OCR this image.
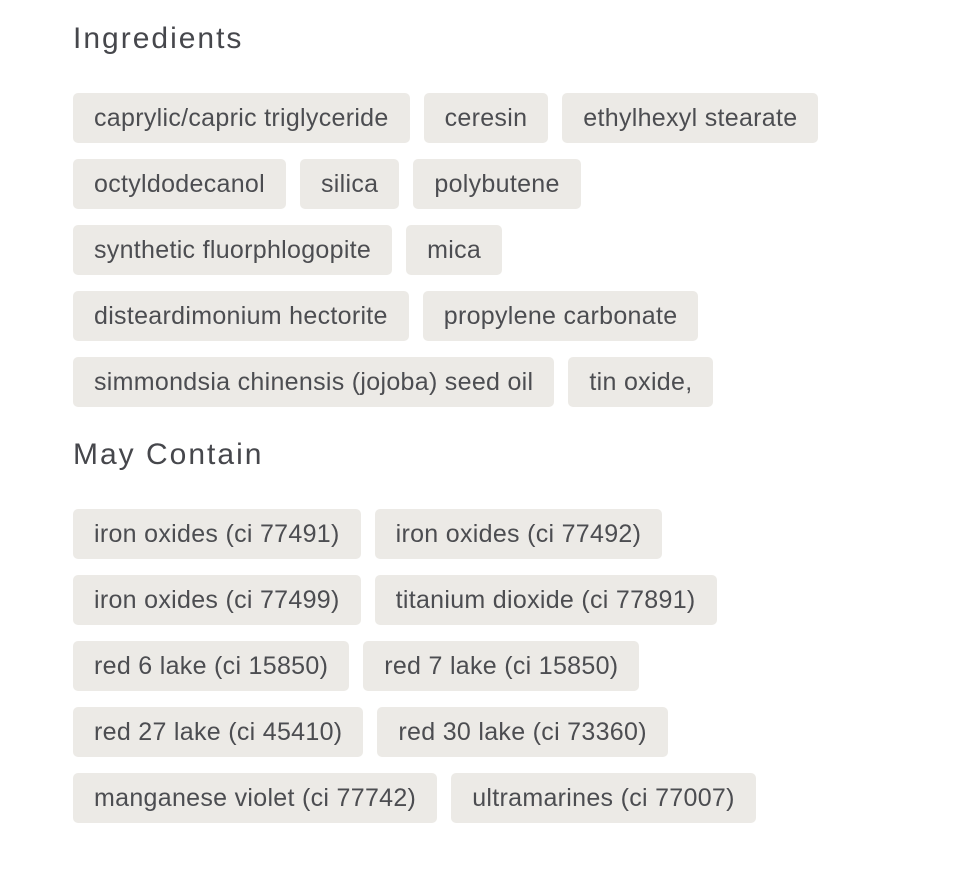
Ingredients
caprylic/capric triglyceride	ceresin	ethylhexyl stearate
octyldodecanol	silica	polybutene
synthetic fluorphlogopite	mica
disteardimonium hectorite	propylene carbonate
simmondsia chinensis (jojoba) seed oil	tin oxide,
May Contain
iron oxides (ci 77491)	iron oxides (ci 77492)
iron oxides (ci 77499)	titanium dioxide (ci 77891)
red 6 lake (ci 15850)	red 7 lake (ci 15850)
red 27 lake (ci 45410)	red 30 lake (ci 73360)
manganese violet (ci 77742)	ultramarines (ci 77007)
